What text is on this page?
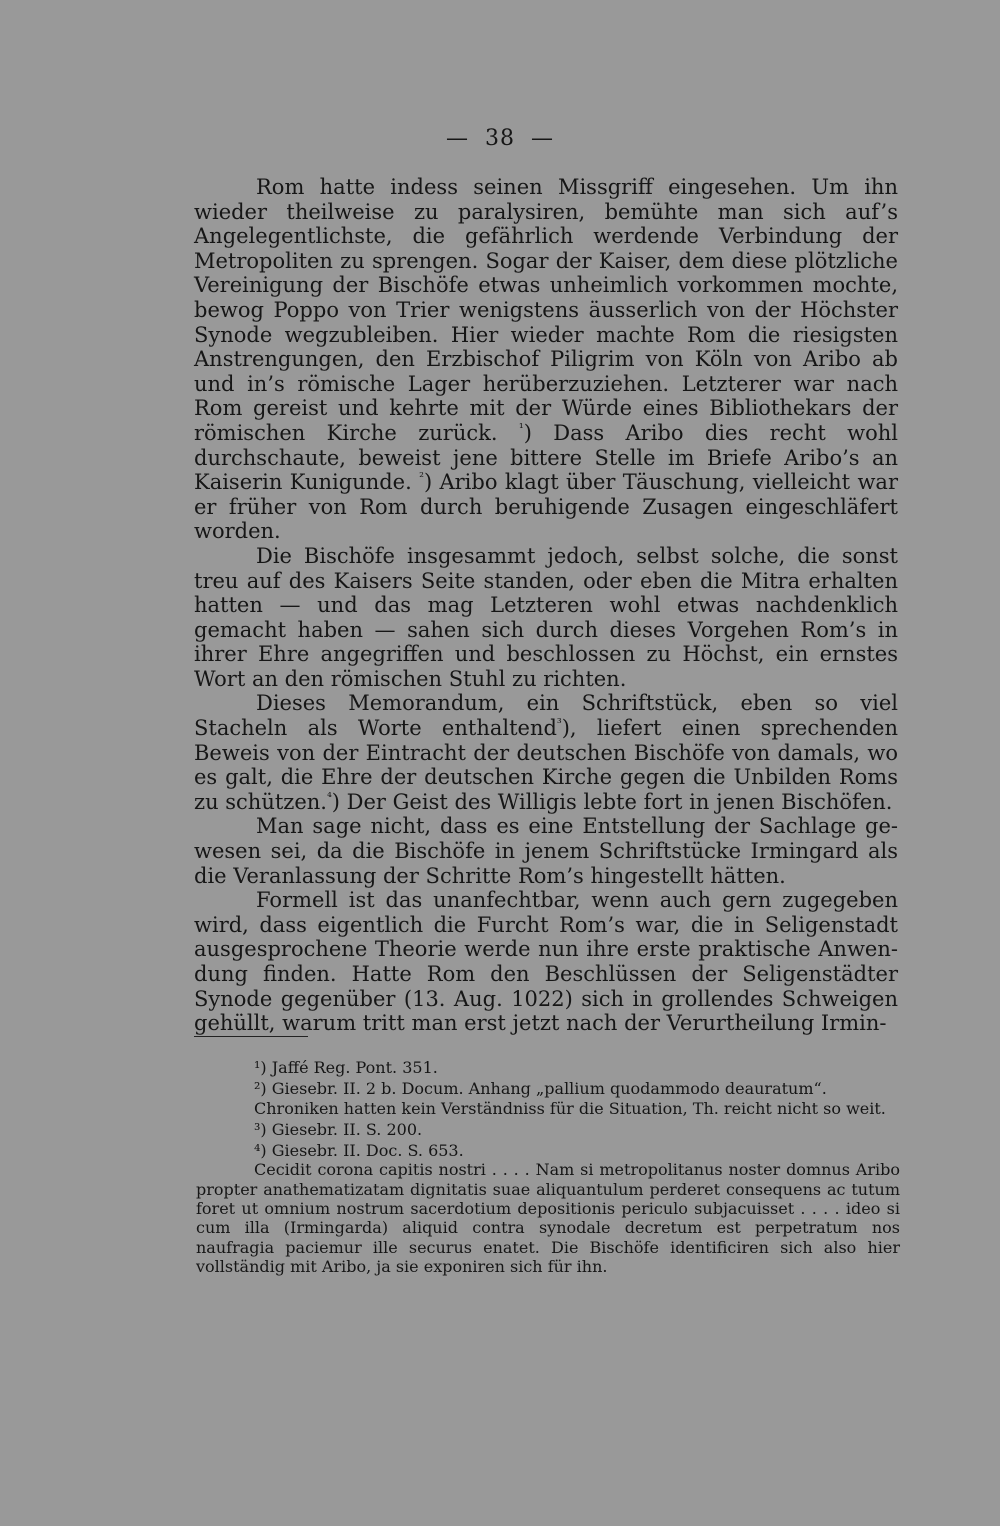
— 38 —

Rom hatte indess seinen Missgriff eingesehen. Um ihn wieder theilweise zu paralysiren, bemühte man sich auf’s Angelegentlichste, die gefährlich werdende Verbindung der Metropoliten zu sprengen. Sogar der Kaiser, dem diese plötzliche Vereinigung der Bischöfe etwas unheimlich vorkommen mochte, bewog Poppo von Trier wenigstens äusserlich von der Höchster Synode wegzubleiben. Hier wieder machte Rom die riesigsten Anstrengungen, den Erzbischof Piligrim von Köln von Aribo ab und in’s römische Lager herüberzuziehen. Letzterer war nach Rom gereist und kehrte mit der Würde eines Bibliothekars der römischen Kirche zurück. $^{^1}$) Dass Aribo dies recht wohl durchschaute, beweist jene bittere Stelle im Briefe Aribo’s an Kaiserin Kunigunde. $^{^2}$) Aribo klagt über Täuschung, vielleicht war er früher von Rom durch beruhigende Zusagen eingeschläfert worden.

Die Bischöfe insgesammt jedoch, selbst solche, die sonst treu auf des Kaisers Seite standen, oder eben die Mitra erhalten hatten — und das mag Letzteren wohl etwas nachdenklich gemacht haben — sahen sich durch dieses Vorgehen Rom’s in ihrer Ehre angegriffen und beschlossen zu Höchst, ein ernstes Wort an den römischen Stuhl zu richten.

Dieses Memorandum, ein Schriftstück, eben so viel Stacheln als Worte enthaltend$^{^3}$), liefert einen sprechenden Beweis von der Eintracht der deutschen Bischöfe von damals, wo es galt, die Ehre der deutschen Kirche gegen die Unbilden Roms zu schützen.$^{^4}$) Der Geist des Willigis lebte fort in jenen Bischöfen.

Man sage nicht, dass es eine Entstellung der Sachlage gewesen sei, da die Bischöfe in jenem Schriftstücke Irmingard als die Veranlassung der Schritte Rom’s hingestellt hätten.

Formell ist das unanfechtbar, wenn auch gern zugegeben wird, dass eigentlich die Furcht Rom’s war, die in Seligenstadt ausgesprochene Theorie werde nun ihre erste praktische Anwendung finden. Hatte Rom den Beschlüssen der Seligenstädter Synode gegenüber (13. Aug. 1022) sich in grollendes Schweigen gehüllt, warum tritt man erst jetzt nach der Verurtheilung Irmin-

¹) Jaffé Reg. Pont. 351.

²) Giesebr. II. 2 b. Docum. Anhang „pallium quodammodo deauratum“.

Chroniken hatten kein Verständniss für die Situation, Th. reicht nicht so weit.

³) Giesebr. II. S. 200.

⁴) Giesebr. II. Doc. S. 653.

Cecidit corona capitis nostri . . . . Nam si metropolitanus noster domnus Aribo propter anathematizatam dignitatis suae aliquantulum perderet consequens ac tutum foret ut omnium nostrum sacerdotium depositionis periculo subjacuisset . . . . ideo si cum illa (Irmingarda) aliquid contra synodale decretum est perpetratum nos naufragia paciemur ille securus enatet. Die Bischöfe identificiren sich also hier vollständig mit Aribo, ja sie exponiren sich für ihn.
